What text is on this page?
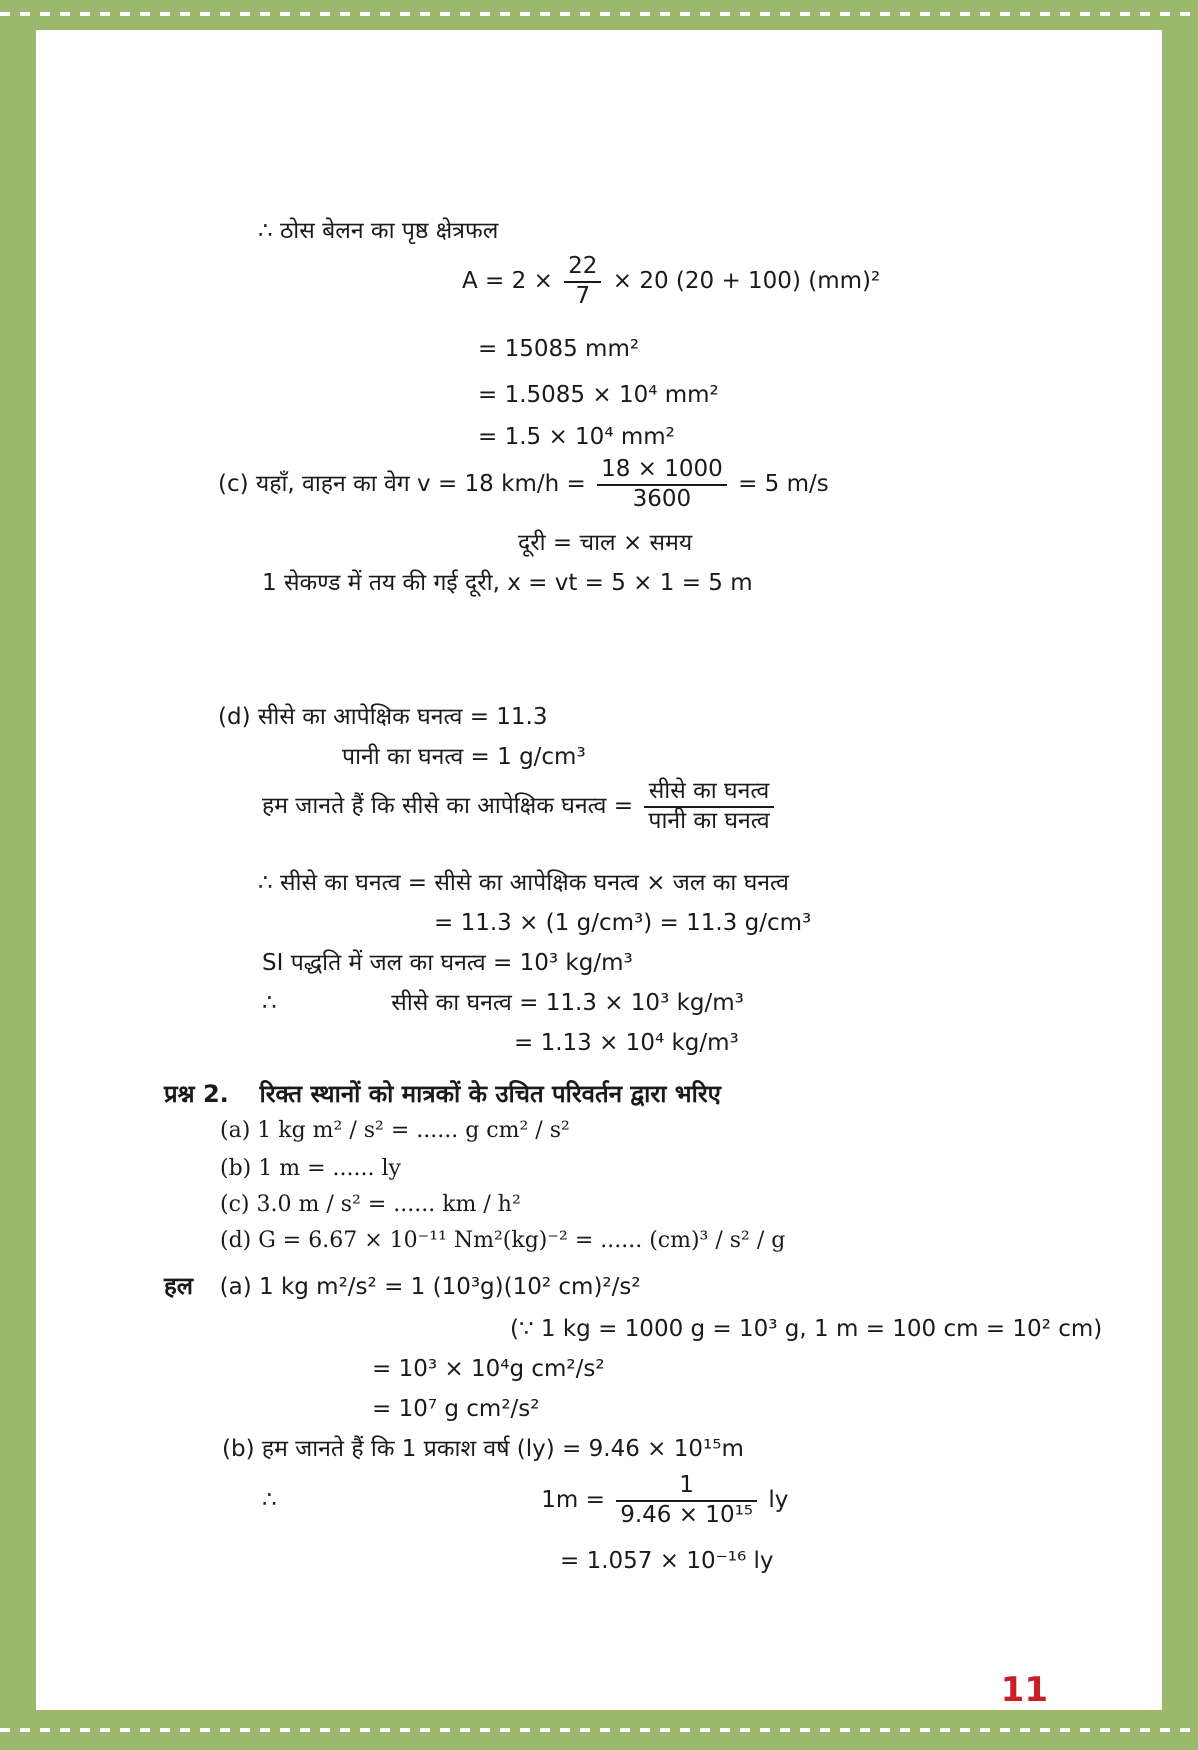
∴ ठोस बेलन का पृष्ठ क्षेत्रफल
$A = 2 \times \frac{22}{7} \times 20$ (20 + 100) (mm)²
= 15085 mm²
= 1.5085 × 10⁴ mm²
= 1.5 × 10⁴ mm²
(c) यहाँ, वाहन का वेग v = 18 $km/h = \frac{18 \times 1000}{3600} = 5$ m/s
दूरी = चाल × समय
1 सेकण्ड में तय की गई दूरी, x = vt = 5 × 1 = 5 m
(d) सीसे का आपेक्षिक घनत्व = 11.3
पानी का घनत्व = 1 g/cm³
हम जानते हैं कि सीसे का आपेक्षिक घनत्व = $\frac{\text{सीसे का घनत्व}}{\text{पानी का घनत्व}}$
∴ सीसे का घनत्व = सीसे का आपेक्षिक घनत्व × जल का घनत्व
= 11.3 × (1 g/cm³) = 11.3 g/cm³
SI पद्धति में जल का घनत्व = 10³ kg/m³
∴	सीसे का घनत्व = 11.3 × 10³ kg/m³
= 1.13 × 10⁴ kg/m³
प्रश्न 2. रिक्त स्थानों को मात्रकों के उचित परिवर्तन द्वारा भरिए
(a) 1 kg m² / s² = ...... g cm² / s²
(b) 1 m = ...... ly
(c) 3.0 m / s² = ...... km / h²
(d) G = 6.67 × 10⁻¹¹ Nm²(kg)⁻² = ...... (cm)³ / s² / g
हल (a) 1 kg m²/s² = 1 (10³g)(10² cm)²/s²
(∵ 1 kg = 1000 g = 10³ g, 1 m = 100 cm = 10² cm)
= 10³ × 10⁴g cm²/s²
= 10⁷ g cm²/s²
(b) हम जानते हैं कि 1 प्रकाश वर्ष (ly) = 9.46 × 10¹⁵m
∴	$1m = \frac{1}{\text{9.46 × 10¹⁵}}$ ly
= 1.057 × 10⁻¹⁶ ly
11
